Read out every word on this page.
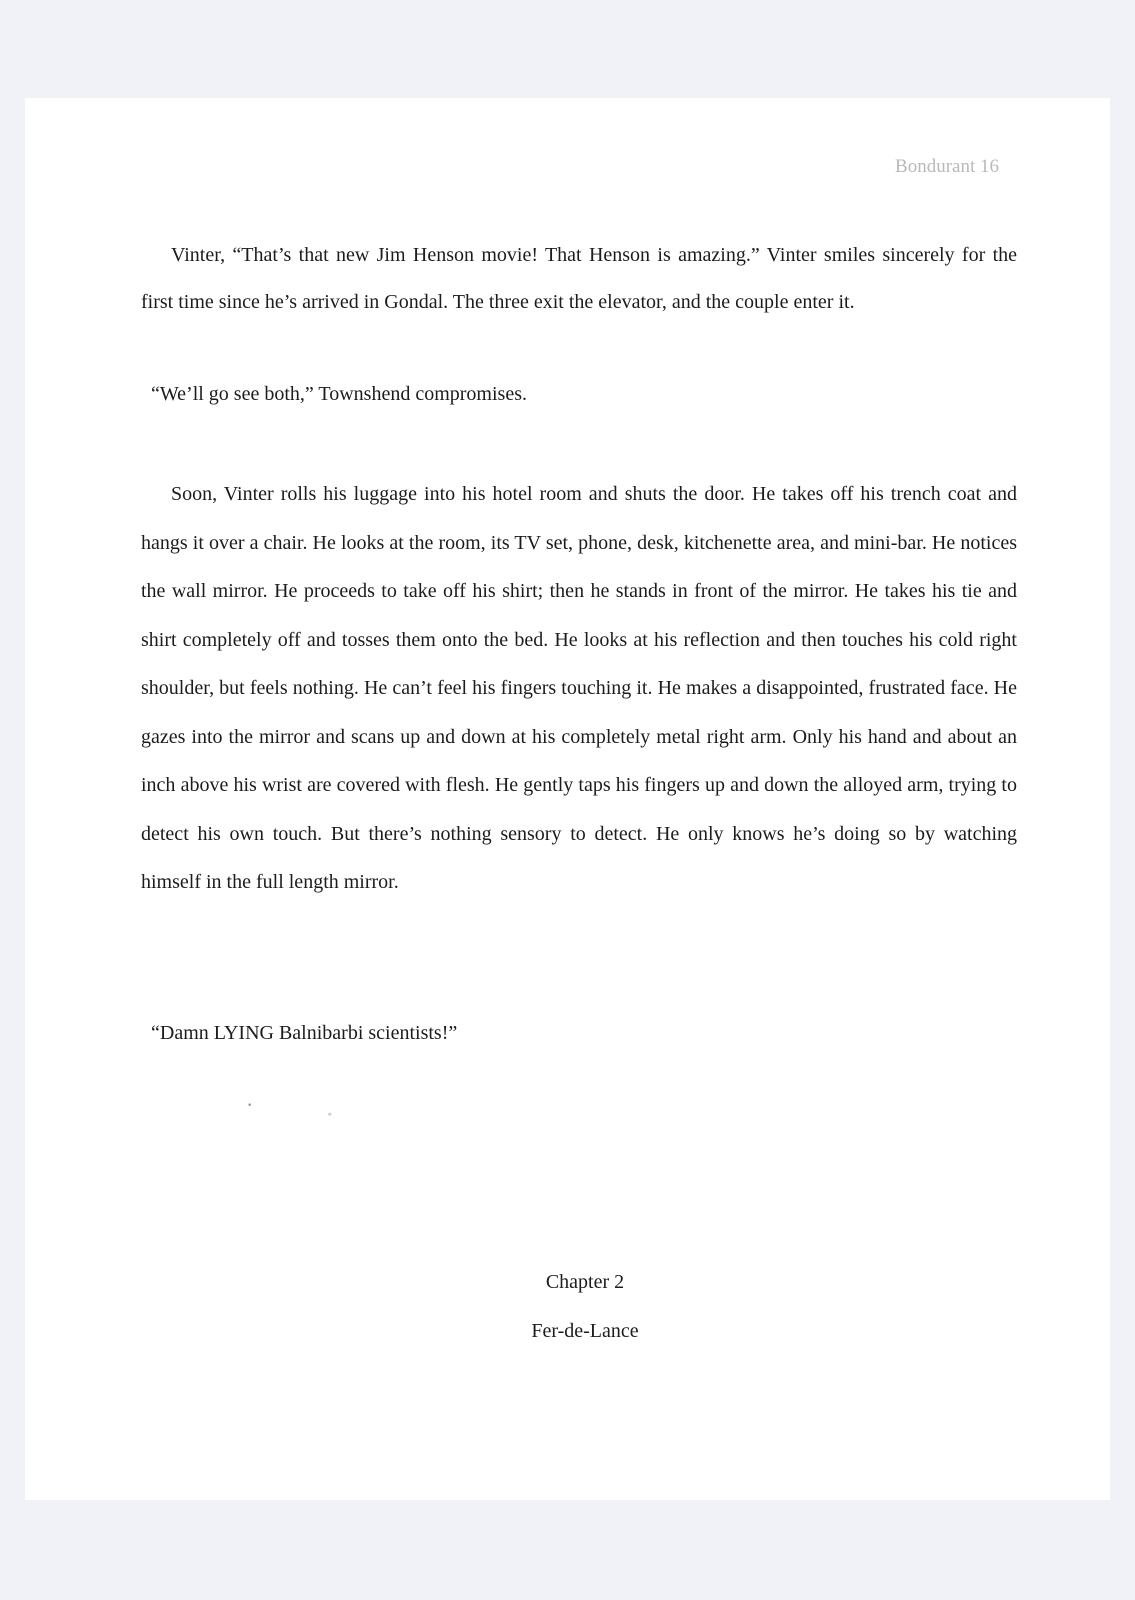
Bondurant 16

Vinter, “That’s that new Jim Henson movie! That Henson is amazing.” Vinter smiles sincerely for the first time since he’s arrived in Gondal. The three exit the elevator, and the couple enter it.

“We’ll go see both,” Townshend compromises.

Soon, Vinter rolls his luggage into his hotel room and shuts the door. He takes off his trench coat and hangs it over a chair. He looks at the room, its TV set, phone, desk, kitchenette area, and mini-bar. He notices the wall mirror. He proceeds to take off his shirt; then he stands in front of the mirror. He takes his tie and shirt completely off and tosses them onto the bed. He looks at his reflection and then touches his cold right shoulder, but feels nothing. He can’t feel his fingers touching it. He makes a disappointed, frustrated face. He gazes into the mirror and scans up and down at his completely metal right arm. Only his hand and about an inch above his wrist are covered with flesh. He gently taps his fingers up and down the alloyed arm, trying to detect his own touch. But there’s nothing sensory to detect. He only knows he’s doing so by watching himself in the full length mirror.

“Damn LYING Balnibarbi scientists!”

•
∘

Chapter 2

Fer-de-Lance
